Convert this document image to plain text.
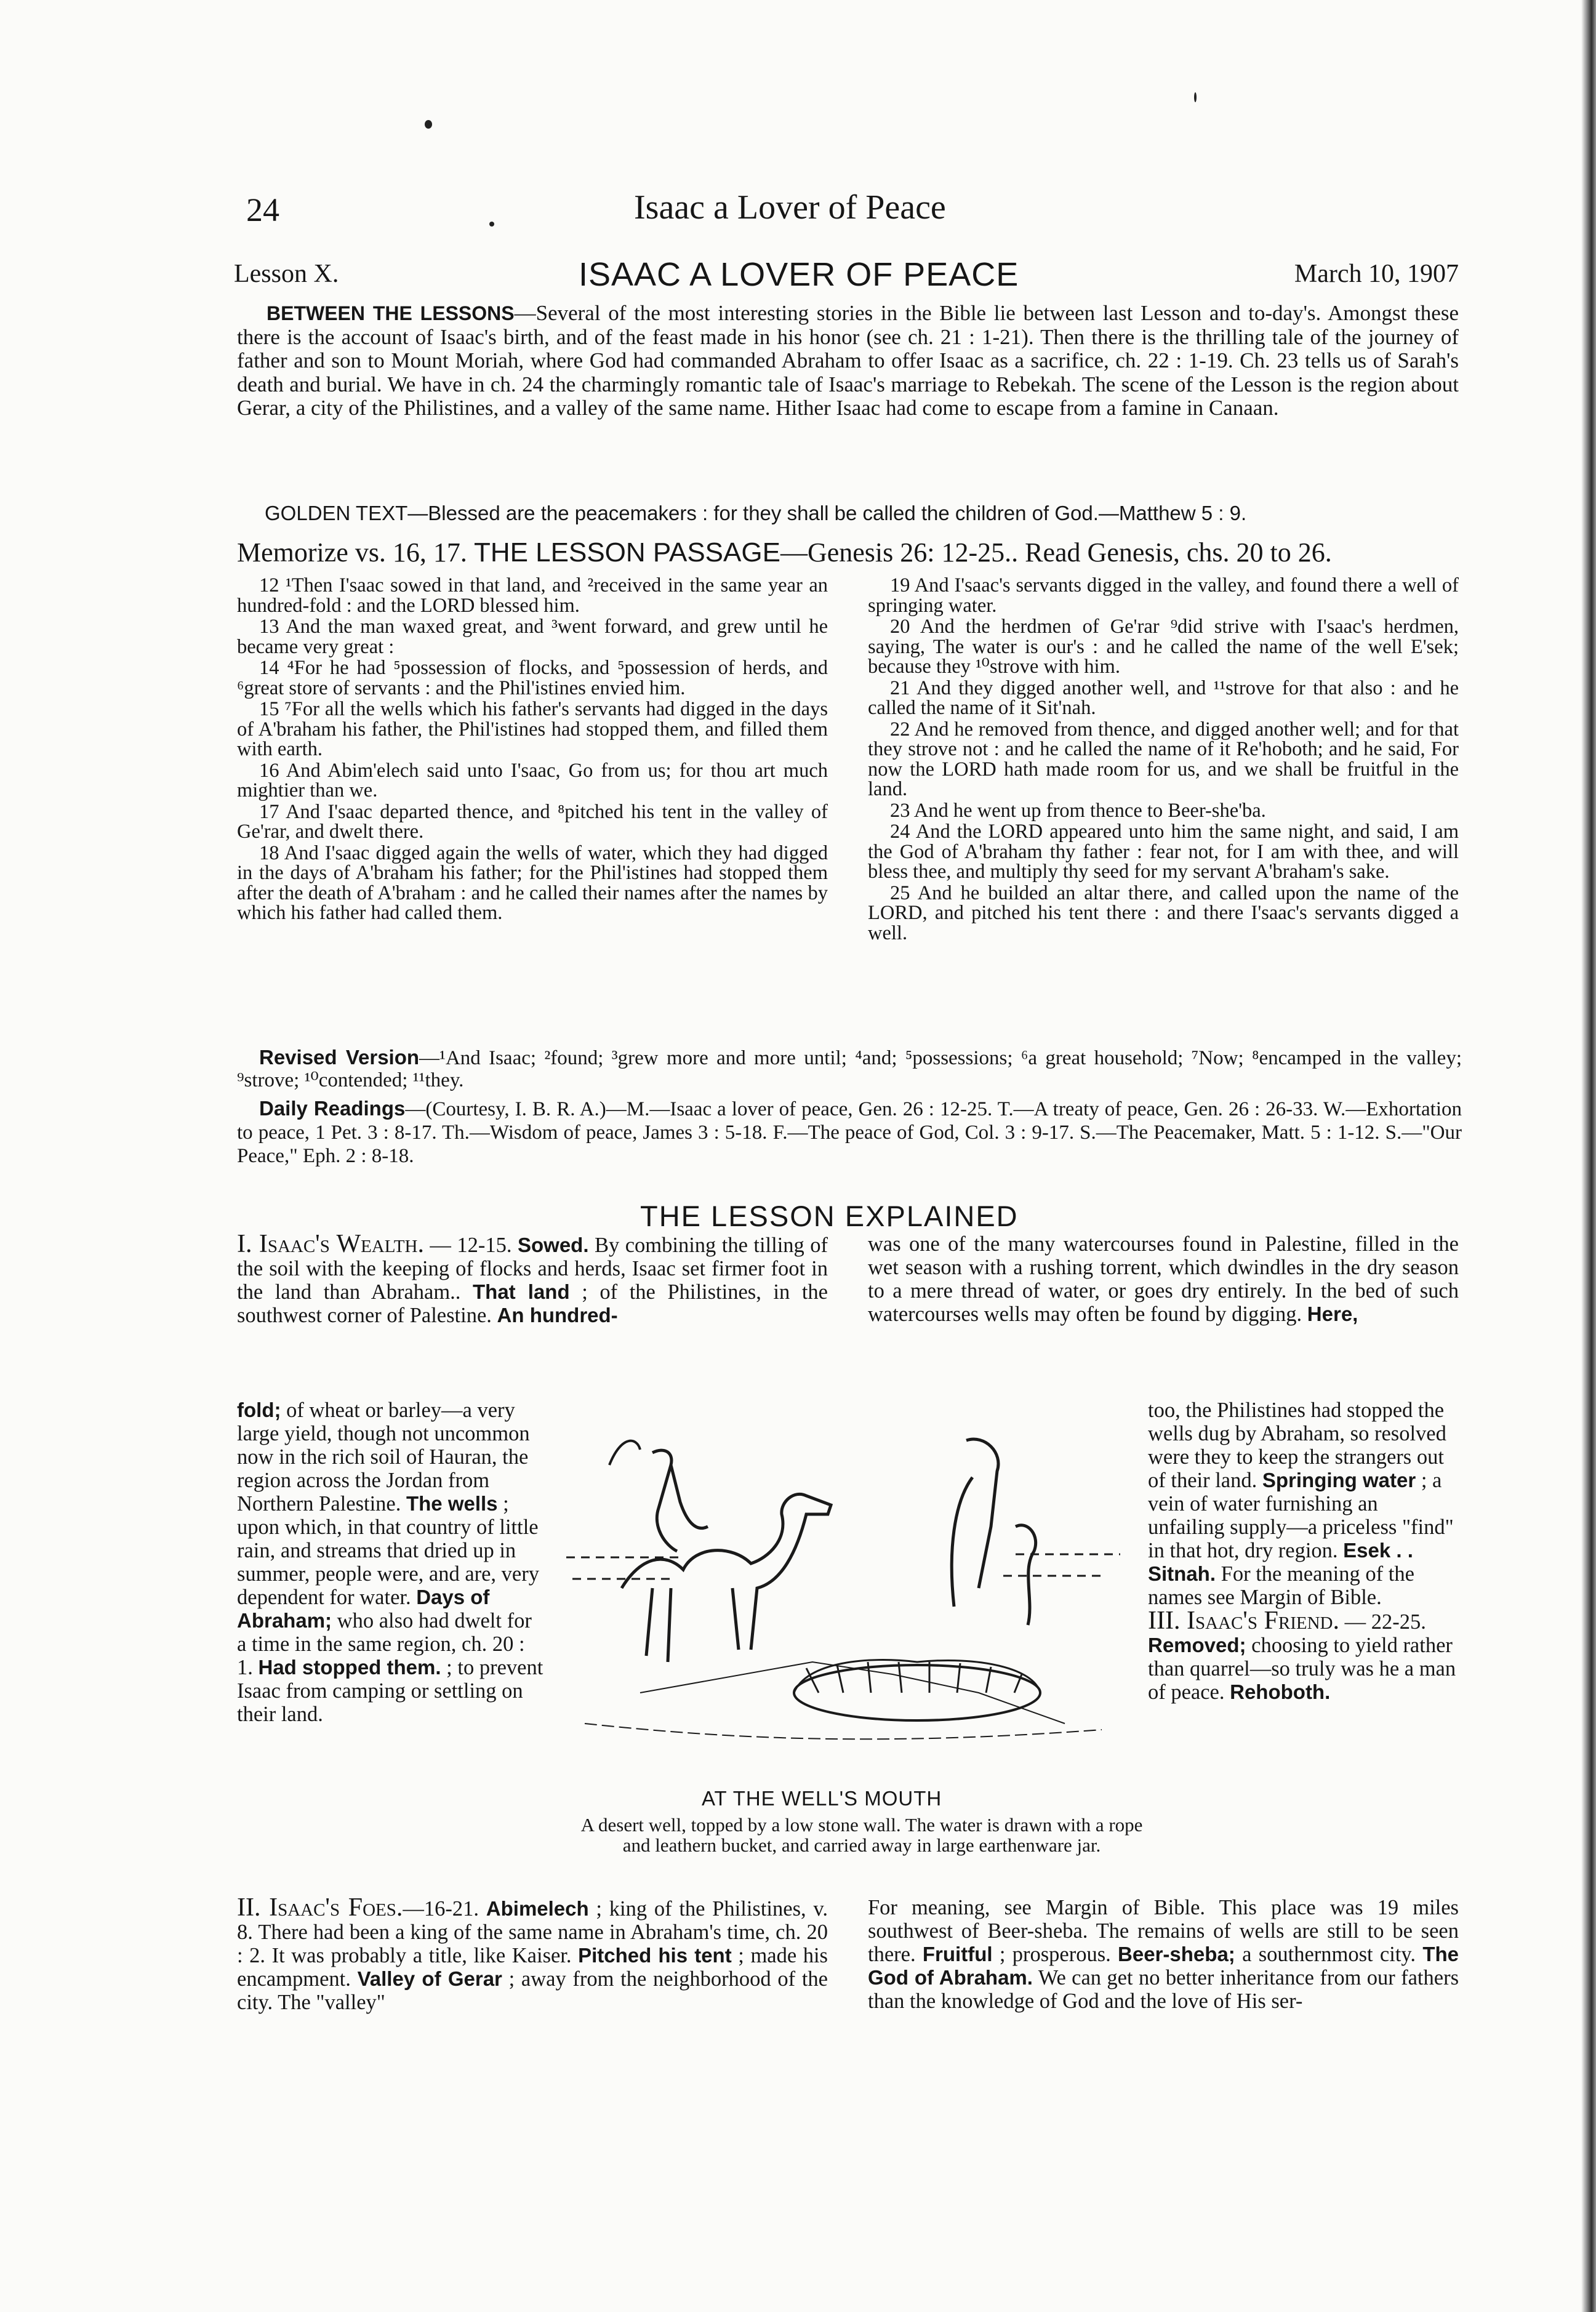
24	Isaac a Lover of Peace
Lesson X.	ISAAC A LOVER OF PEACE	March 10, 1907
BETWEEN THE LESSONS—Several of the most interesting stories in the Bible lie between last Lesson and to-day's. Amongst these there is the account of Isaac's birth, and of the feast made in his honor (see ch. 21 : 1-21). Then there is the thrilling tale of the journey of father and son to Mount Moriah, where God had commanded Abraham to offer Isaac as a sacrifice, ch. 22 : 1-19. Ch. 23 tells us of Sarah's death and burial. We have in ch. 24 the charmingly romantic tale of Isaac's marriage to Rebekah. The scene of the Lesson is the region about Gerar, a city of the Philistines, and a valley of the same name. Hither Isaac had come to escape from a famine in Canaan.
GOLDEN TEXT—Blessed are the peacemakers : for they shall be called the children of God.—Matthew 5 : 9.
Memorize vs. 16, 17. THE LESSON PASSAGE—Genesis 26: 12-25.. Read Genesis, chs. 20 to 26.

12 ¹Then I'saac sowed in that land, and ²received in the same year an hundred-fold : and the LORD blessed him.

13 And the man waxed great, and ³went forward, and grew until he became very great :

14 ⁴For he had ⁵possession of flocks, and ⁵possession of herds, and ⁶great store of servants : and the Phil'istines envied him.

15 ⁷For all the wells which his father's servants had digged in the days of A'braham his father, the Phil'istines had stopped them, and filled them with earth.

16 And Abim'elech said unto I'saac, Go from us; for thou art much mightier than we.

17 And I'saac departed thence, and ⁸pitched his tent in the valley of Ge'rar, and dwelt there.

18 And I'saac digged again the wells of water, which they had digged in the days of A'braham his father; for the Phil'istines had stopped them after the death of A'braham : and he called their names after the names by which his father had called them.

19 And I'saac's servants digged in the valley, and found there a well of springing water.

20 And the herdmen of Ge'rar ⁹did strive with I'saac's herdmen, saying, The water is our's : and he called the name of the well E'sek; because they ¹⁰strove with him.

21 And they digged another well, and ¹¹strove for that also : and he called the name of it Sit'nah.

22 And he removed from thence, and digged another well; and for that they strove not : and he called the name of it Re'hoboth; and he said, For now the LORD hath made room for us, and we shall be fruitful in the land.

23 And he went up from thence to Beer-she'ba.

24 And the LORD appeared unto him the same night, and said, I am the God of A'braham thy father : fear not, for I am with thee, and will bless thee, and multiply thy seed for my servant A'braham's sake.

25 And he builded an altar there, and called upon the name of the LORD, and pitched his tent there : and there I'saac's servants digged a well.

Revised Version—¹And Isaac; ²found; ³grew more and more until; ⁴and; ⁵possessions; ⁶a great household; ⁷Now; ⁸encamped in the valley; ⁹strove; ¹⁰contended; ¹¹they.
Daily Readings—(Courtesy, I. B. R. A.)—M.—Isaac a lover of peace, Gen. 26 : 12-25. T.—A treaty of peace, Gen. 26 : 26-33. W.—Exhortation to peace, 1 Pet. 3 : 8-17. Th.—Wisdom of peace, James 3 : 5-18. F.—The peace of God, Col. 3 : 9-17. S.—The Peacemaker, Matt. 5 : 1-12. S.—"Our Peace," Eph. 2 : 8-18.
THE LESSON EXPLAINED
I. Isaac's Wealth. — 12-15. Sowed. By combining the tilling of the soil with the keeping of flocks and herds, Isaac set firmer foot in the land than Abraham.. That land ; of the Philistines, in the southwest corner of Palestine. An hundred-
was one of the many watercourses found in Palestine, filled in the wet season with a rushing torrent, which dwindles in the dry season to a mere thread of water, or goes dry entirely. In the bed of such watercourses wells may often be found by digging. Here,
fold; of wheat or barley—a very large yield, though not uncommon now in the rich soil of Hauran, the region across the Jordan from Northern Palestine. The wells ; upon which, in that country of little rain, and streams that dried up in summer, people were, and are, very dependent for water. Days of Abraham; who also had dwelt for a time in the same region, ch. 20 : 1. Had stopped them. ; to prevent Isaac from camping or settling on their land.
too, the Philistines had stopped the wells dug by Abraham, so resolved were they to keep the strangers out of their land. Springing water ; a vein of water furnishing an unfailing supply—a priceless "find" in that hot, dry region. Esek . . Sitnah. For the meaning of the names see Margin of Bible.
III. Isaac's Friend. — 22-25. Removed; choosing to yield rather than quarrel—so truly was he a man of peace. Rehoboth.
AT THE WELL'S MOUTH
A desert well, topped by a low stone wall. The water is drawn with a rope and leathern bucket, and carried away in large earthenware jar.
II. Isaac's Foes.—16-21. Abimelech ; king of the Philistines, v. 8. There had been a king of the same name in Abraham's time, ch. 20 : 2. It was probably a title, like Kaiser. Pitched his tent ; made his encampment. Valley of Gerar ; away from the neighborhood of the city. The "valley"
For meaning, see Margin of Bible. This place was 19 miles southwest of Beer-sheba. The remains of wells are still to be seen there. Fruitful ; prosperous. Beer-sheba; a southernmost city. The God of Abraham. We can get no better inheritance from our fathers than the knowledge of God and the love of His ser-
